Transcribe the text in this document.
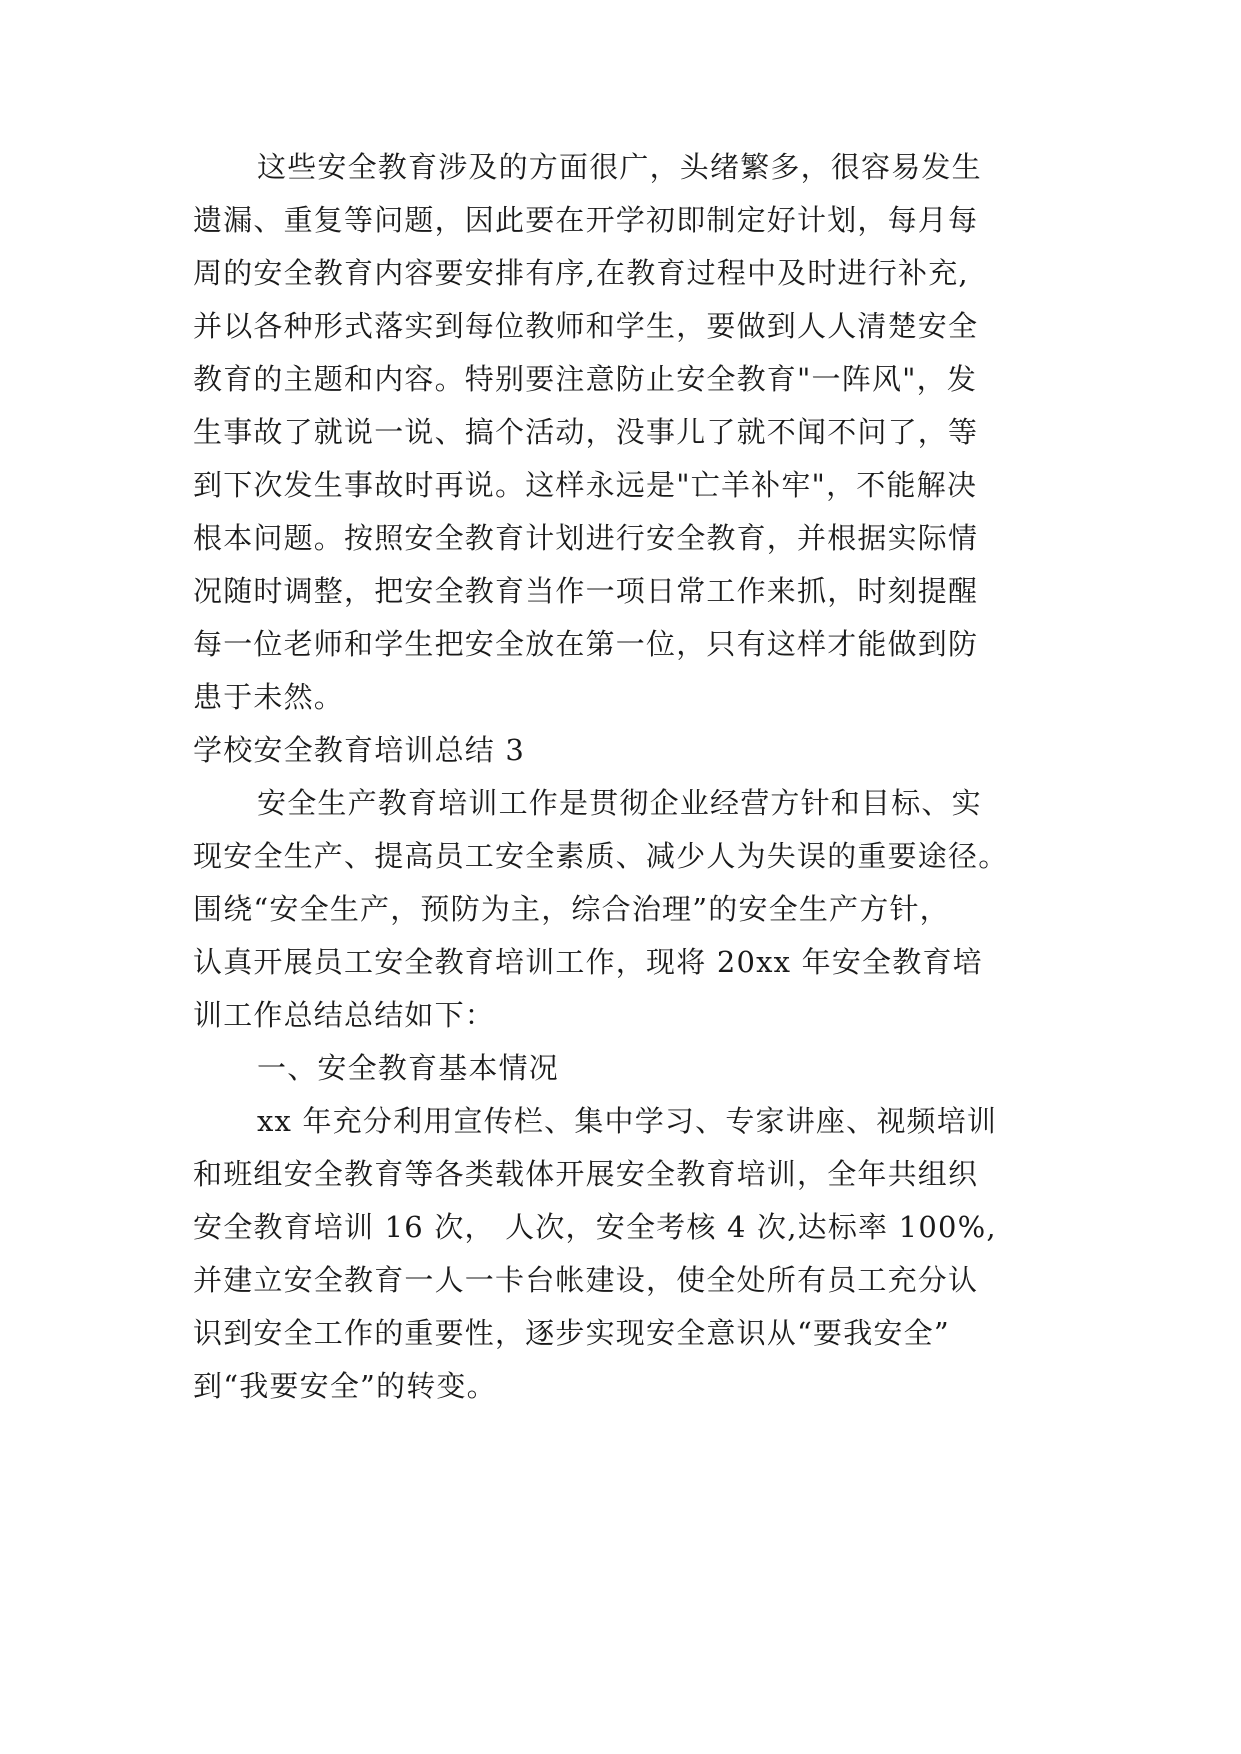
这些安全教育涉及的方面很广，头绪繁多，很容易发生
遗漏、重复等问题，因此要在开学初即制定好计划，每月每
周的安全教育内容要安排有序,在教育过程中及时进行补充,
并以各种形式落实到每位教师和学生，要做到人人清楚安全
教育的主题和内容。特别要注意防止安全教育"一阵风"，发
生事故了就说一说、搞个活动，没事儿了就不闻不问了，等
到下次发生事故时再说。这样永远是"亡羊补牢"，不能解决
根本问题。按照安全教育计划进行安全教育，并根据实际情
况随时调整，把安全教育当作一项日常工作来抓，时刻提醒
每一位老师和学生把安全放在第一位，只有这样才能做到防
患于未然。
学校安全教育培训总结 3
安全生产教育培训工作是贯彻企业经营方针和目标、实
现安全生产、提高员工安全素质、减少人为失误的重要途径。
围绕“安全生产，预防为主，综合治理”的安全生产方针，
认真开展员工安全教育培训工作，现将 20xx 年安全教育培
训工作总结总结如下：
一、安全教育基本情况
xx 年充分利用宣传栏、集中学习、专家讲座、视频培训
和班组安全教育等各类载体开展安全教育培训，全年共组织
安全教育培训 16 次， 人次，安全考核 4 次,达标率 100%,
并建立安全教育一人一卡台帐建设，使全处所有员工充分认
识到安全工作的重要性，逐步实现安全意识从“要我安全”
到“我要安全”的转变。
